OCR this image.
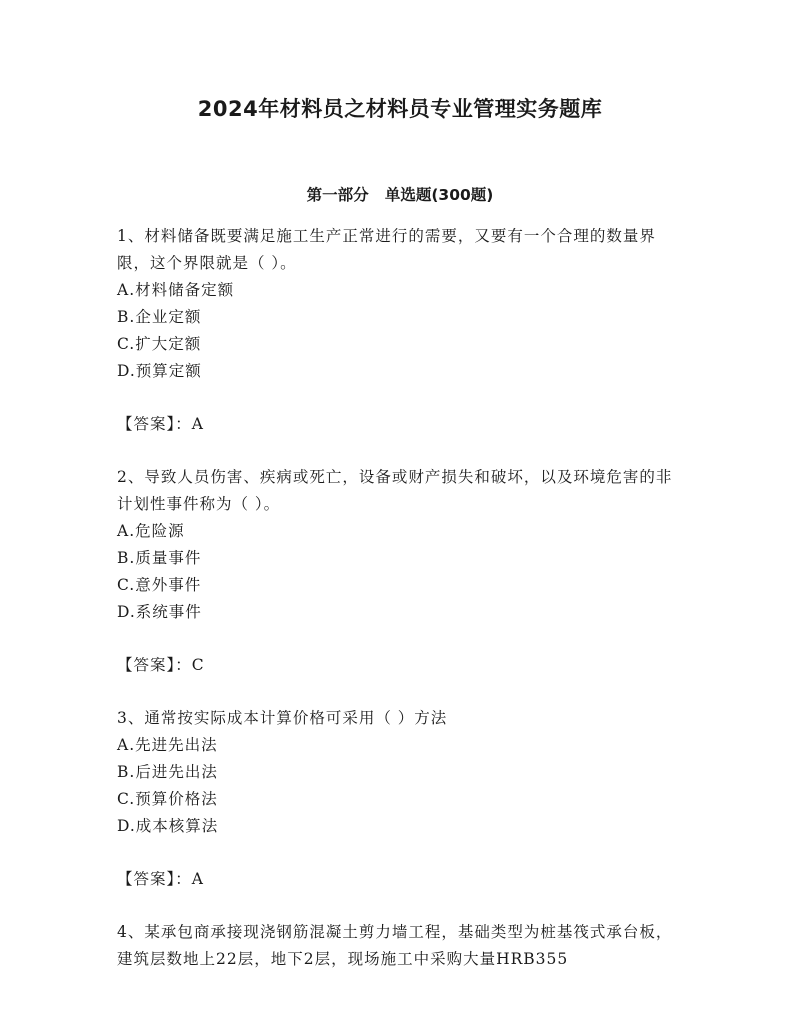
2024年材料员之材料员专业管理实务题库
第一部分   单选题(300题)

1、材料储备既要满足施工生产正常进行的需要，又要有一个合理的数量界限，这个界限就是（ ）。

A.材料储备定额
B.企业定额
C.扩大定额
D.预算定额

【答案】：A

2、导致人员伤害、疾病或死亡，设备或财产损失和破坏，以及环境危害的非计划性事件称为（ ）。

A.危险源
B.质量事件
C.意外事件
D.系统事件

【答案】：C

3、通常按实际成本计算价格可采用（ ）方法

A.先进先出法
B.后进先出法
C.预算价格法
D.成本核算法

【答案】：A

4、某承包商承接现浇钢筋混凝土剪力墙工程，基础类型为桩基筏式承台板，建筑层数地上22层，地下2层，现场施工中采购大量HRB355
